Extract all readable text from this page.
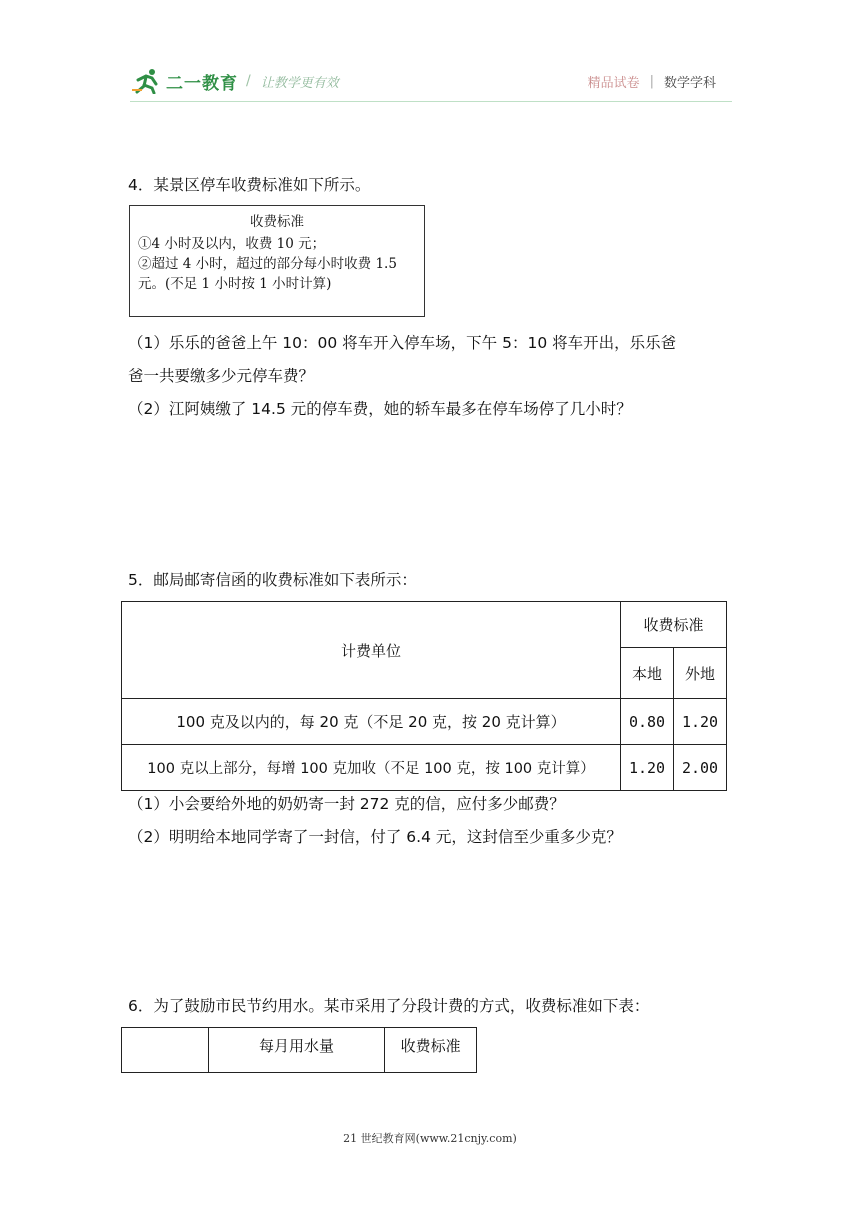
二一教育 / 让教学更有效	精品试卷 | 数学学科
4．某景区停车收费标准如下所示。
收费标准
①4 小时及以内，收费 10 元；
②超过 4 小时，超过的部分每小时收费 1.5
元。(不足 1 小时按 1 小时计算)
（1）乐乐的爸爸上午 10：00 将车开入停车场，下午 5：10 将车开出，乐乐爸
爸一共要缴多少元停车费？
（2）江阿姨缴了 14.5 元的停车费，她的轿车最多在停车场停了几小时？
5．邮局邮寄信函的收费标准如下表所示：
计费单位	收费标准	
	本地	外地
100 克及以内的，每 20 克（不足 20 克，按 20 克计算）	0.80	1.20
100 克以上部分，每增 100 克加收（不足 100 克，按 100 克计算）	1.20	2.00
（1）小会要给外地的奶奶寄一封 272 克的信，应付多少邮费？
（2）明明给本地同学寄了一封信，付了 6.4 元，这封信至少重多少克？
6．为了鼓励市民节约用水。某市采用了分段计费的方式，收费标准如下表：
	每月用水量	收费标准
21 世纪教育网(www.21cnjy.com)
